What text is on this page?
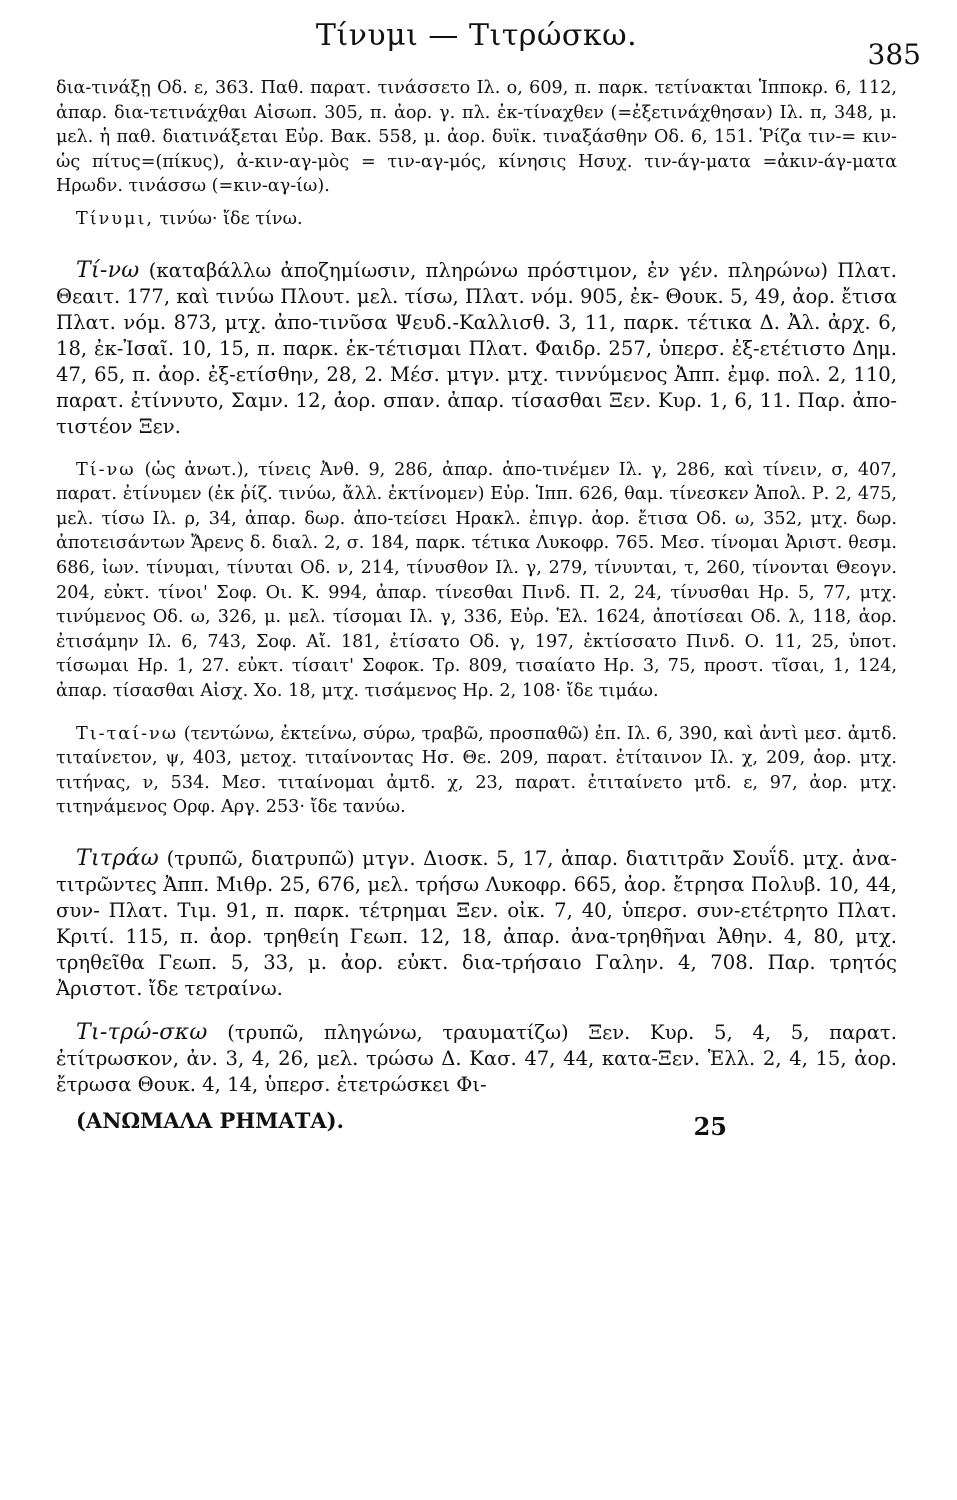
Τίνυμι — Τιτρώσκω.
385

δια-τινάξῃ Οδ. ε, 363. Παθ. παρατ. τινάσσετο Ιλ. ο, 609, π. παρκ. τετίνακται Ἱπποκρ. 6, 112, ἀπαρ. δια-τετινάχθαι Αἰσωπ. 305, π. ἀορ. γ. πλ. ἐκ-τίναχθεν (=ἐξετινάχθησαν) Ιλ. π, 348, μ. μελ. ἡ παθ. διατινάξεται Εὐρ. Βακ. 558, μ. ἀορ. δυϊκ. τιναξάσθην Οδ. 6, 151. Ῥίζα τιν-= κιν- ὡς πίτυς=(πίκυς), ἀ-κιν-αγ-μὸς = τιν-αγ-μός, κίνησις Ησυχ. τιν-άγ-ματα =ἀκιν-άγ-ματα Ηρωδν. τινάσσω (=κιν-αγ-ίω).

Τίνυμι, τινύω· ἴδε τίνω.

Τί-νω (καταβάλλω ἀποζημίωσιν, πληρώνω πρόστιμον, ἐν γέν. πληρώνω) Πλατ. Θεαιτ. 177, καὶ τινύω Πλουτ. μελ. τίσω, Πλατ. νόμ. 905, ἐκ- Θουκ. 5, 49, ἀορ. ἔτισα Πλατ. νόμ. 873, μτχ. ἀπο-τινῦσα Ψευδ.-Καλλισθ. 3, 11, παρκ. τέτικα Δ. Ἀλ. ἀρχ. 6, 18, ἐκ-Ἰσαῖ. 10, 15, π. παρκ. ἐκ-τέτισμαι Πλατ. Φαιδρ. 257, ὑπερσ. ἐξ-ετέτιστο Δημ. 47, 65, π. ἀορ. ἐξ-ετίσθην, 28, 2. Μέσ. μτγν. μτχ. τιννύμενος Ἀππ. ἐμφ. πολ. 2, 110, παρατ. ἐτίννυτο, Σαμν. 12, ἀορ. σπαν. ἀπαρ. τίσασθαι Ξεν. Κυρ. 1, 6, 11. Παρ. ἀπο-τιστέον Ξεν.

Τί-νω (ὡς ἀνωτ.), τίνεις Ἀνθ. 9, 286, ἀπαρ. ἀπο-τινέμεν Ιλ. γ, 286, καὶ τίνειν, σ, 407, παρατ. ἐτίνυμεν (ἐκ ῥίζ. τινύω, ἄλλ. ἐκτίνομεν) Εὐρ. Ἱππ. 626, θαμ. τίνεσκεν Ἀπολ. Ρ. 2, 475, μελ. τίσω Ιλ. ρ, 34, ἀπαρ. δωρ. ἀπο-τείσει Ηρακλ. ἐπιγρ. ἀορ. ἔτισα Οδ. ω, 352, μτχ. δωρ. ἀποτεισάντων Ἄρενς δ. διαλ. 2, σ. 184, παρκ. τέτικα Λυκοφρ. 765. Μεσ. τίνομαι Ἀριστ. θεσμ. 686, ἰων. τίνυμαι, τίνυται Οδ. ν, 214, τίνυσθον Ιλ. γ, 279, τίνυνται, τ, 260, τίνονται Θεογν. 204, εὐκτ. τίνοι' Σοφ. Οι. Κ. 994, ἀπαρ. τίνεσθαι Πινδ. Π. 2, 24, τίνυσθαι Ηρ. 5, 77, μτχ. τινύμενος Οδ. ω, 326, μ. μελ. τίσομαι Ιλ. γ, 336, Εὐρ. Ἑλ. 1624, ἀποτίσεαι Οδ. λ, 118, ἀορ. ἐτισάμην Ιλ. 6, 743, Σοφ. Αἴ. 181, ἐτίσατο Οδ. γ, 197, ἐκτίσσατο Πινδ. Ο. 11, 25, ὑποτ. τίσωμαι Ηρ. 1, 27. εὐκτ. τίσαιτ' Σοφοκ. Τρ. 809, τισαίατο Ηρ. 3, 75, προστ. τῖσαι, 1, 124, ἀπαρ. τίσασθαι Αἰσχ. Χο. 18, μτχ. τισάμενος Ηρ. 2, 108· ἴδε τιμάω.

Τι-ταί-νω (τεντώνω, ἐκτείνω, σύρω, τραβῶ, προσπαθῶ) ἐπ. Ιλ. 6, 390, καὶ ἀντὶ μεσ. ἀμτδ. τιταίνετον, ψ, 403, μετοχ. τιταίνοντας Ησ. Θε. 209, παρατ. ἐτίταινον Ιλ. χ, 209, ἀορ. μτχ. τιτήνας, ν, 534. Μεσ. τιταίνομαι ἀμτδ. χ, 23, παρατ. ἐτιταίνετο μτδ. ε, 97, ἀορ. μτχ. τιτηνάμενος Ορφ. Αργ. 253· ἴδε τανύω.

Τιτράω (τρυπῶ, διατρυπῶ) μτγν. Διοσκ. 5, 17, ἀπαρ. διατιτρᾶν Σουΐδ. μτχ. ἀνα-τιτρῶντες Ἀππ. Μιθρ. 25, 676, μελ. τρήσω Λυκοφρ. 665, ἀορ. ἔτρησα Πολυβ. 10, 44, συν- Πλατ. Τιμ. 91, π. παρκ. τέτρημαι Ξεν. οἰκ. 7, 40, ὑπερσ. συν-ετέτρητο Πλατ. Κριτί. 115, π. ἀορ. τρηθείη Γεωπ. 12, 18, ἀπαρ. ἀνα-τρηθῆναι Ἀθην. 4, 80, μτχ. τρηθεῖθα Γεωπ. 5, 33, μ. ἀορ. εὐκτ. δια-τρήσαιο Γαλην. 4, 708. Παρ. τρητός Ἀριστοτ. ἴδε τετραίνω.

Τι-τρώ-σκω (τρυπῶ, πληγώνω, τραυματίζω) Ξεν. Κυρ. 5, 4, 5, παρατ. ἐτίτρωσκον, ἀν. 3, 4, 26, μελ. τρώσω Δ. Κασ. 47, 44, κατα-Ξεν. Ἑλλ. 2, 4, 15, ἀορ. ἔτρωσα Θουκ. 4, 14, ὑπερσ. ἐτετρώσκει Φι-

(ΑΝΩΜΑΛΑ ΡΗΜΑΤΑ).	25
